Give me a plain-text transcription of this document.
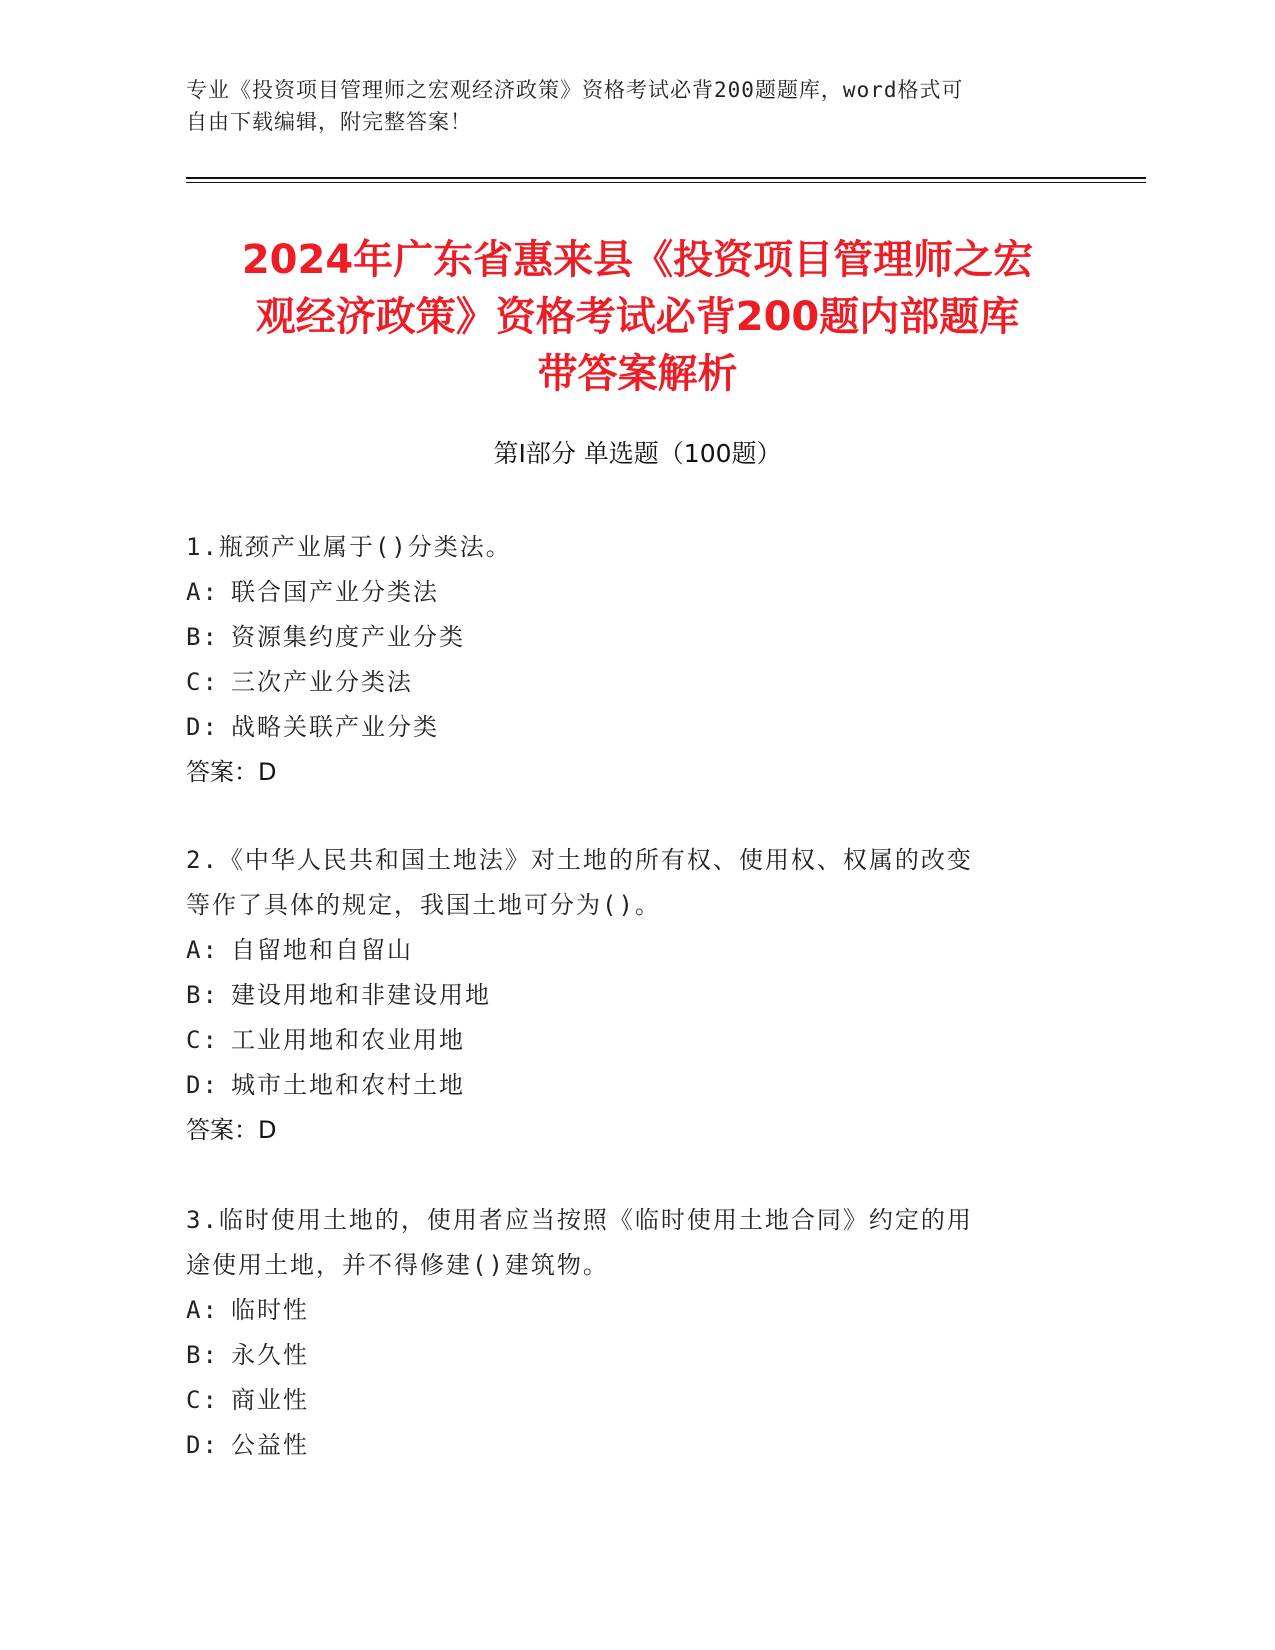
专业《投资项目管理师之宏观经济政策》资格考试必背200题题库，word格式可
自由下载编辑，附完整答案！
2024年广东省惠来县《投资项目管理师之宏
观经济政策》资格考试必背200题内部题库
带答案解析
第Ⅰ部分 单选题（100题）
1.瓶颈产业属于()分类法。
A: 联合国产业分类法
B: 资源集约度产业分类
C: 三次产业分类法
D: 战略关联产业分类
答案：D
2.《中华人民共和国土地法》对土地的所有权、使用权、权属的改变
等作了具体的规定，我国土地可分为()。
A: 自留地和自留山
B: 建设用地和非建设用地
C: 工业用地和农业用地
D: 城市土地和农村土地
答案：D
3.临时使用土地的，使用者应当按照《临时使用土地合同》约定的用
途使用土地，并不得修建()建筑物。
A: 临时性
B: 永久性
C: 商业性
D: 公益性
